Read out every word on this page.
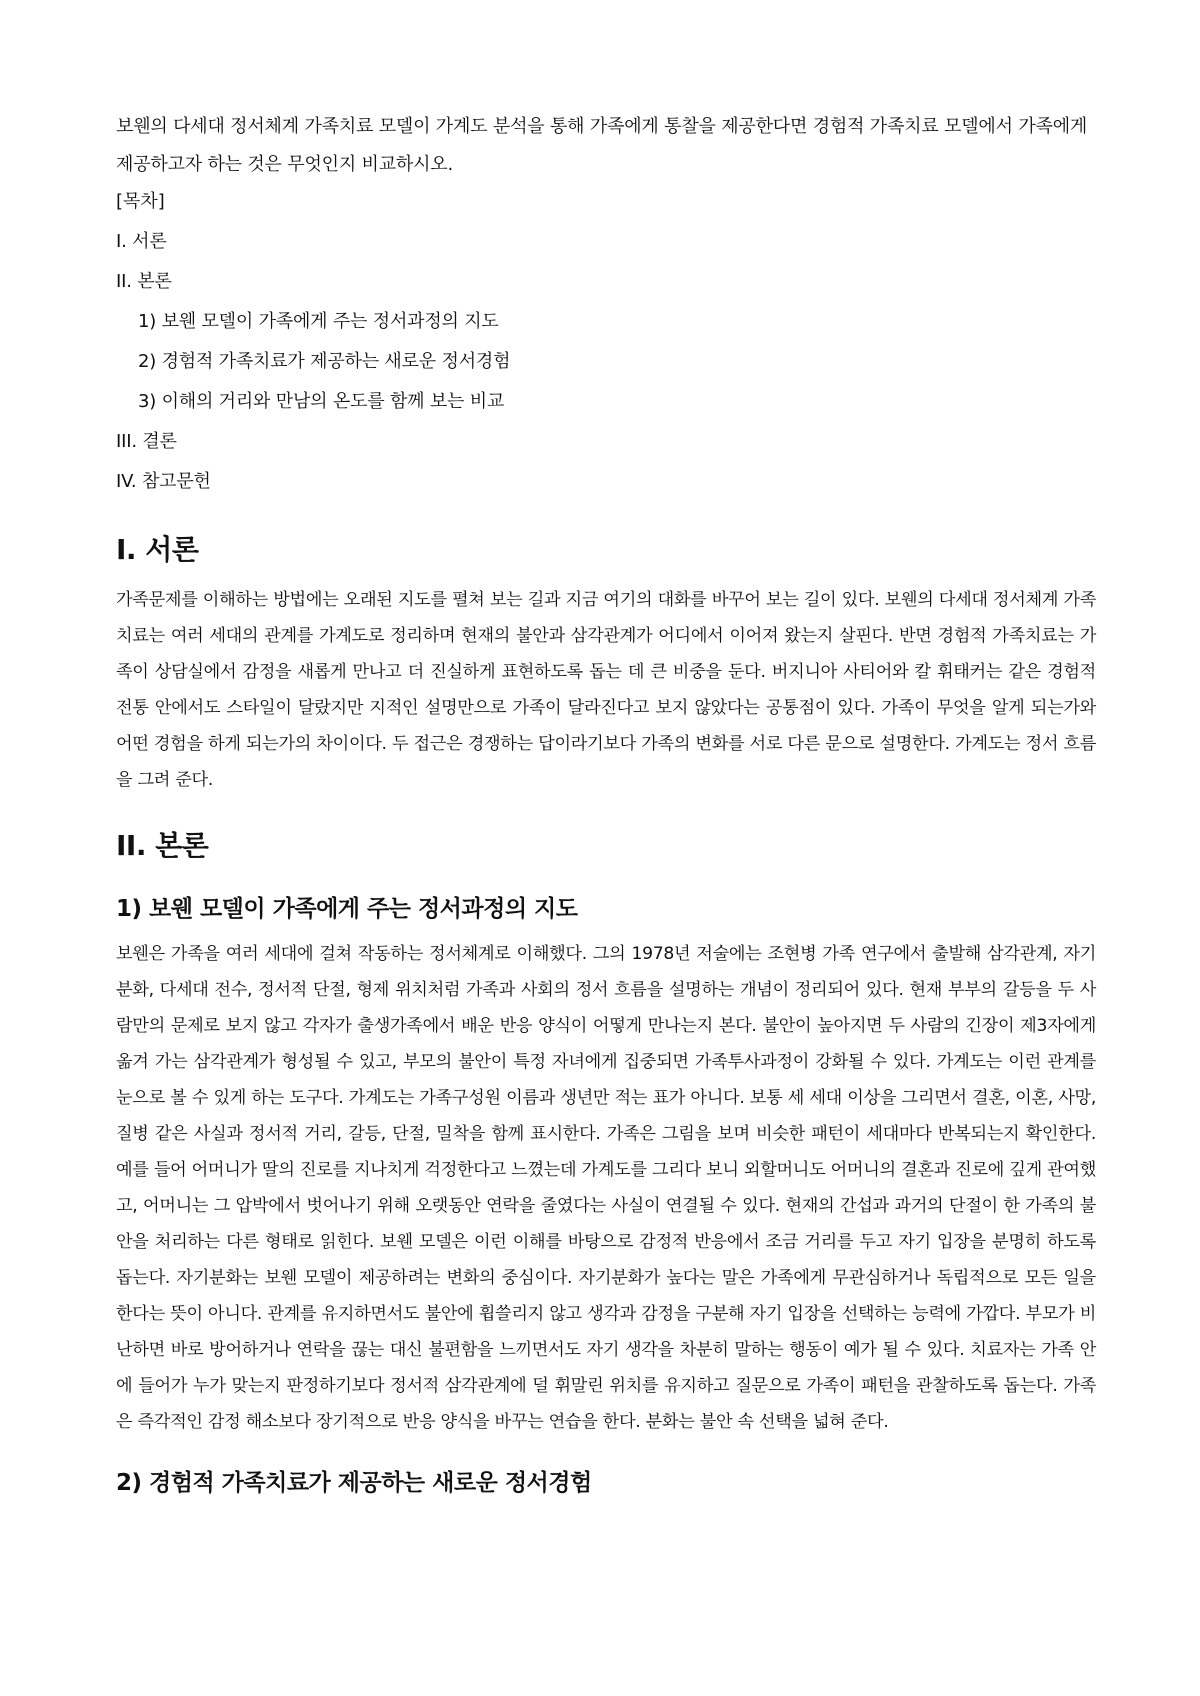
보웬의 다세대 정서체계 가족치료 모델이 가계도 분석을 통해 가족에게 통찰을 제공한다면 경험적 가족치료 모델에서 가족에게 제공하고자 하는 것은 무엇인지 비교하시오.

[목차]
I. 서론
II. 본론
1) 보웬 모델이 가족에게 주는 정서과정의 지도
2) 경험적 가족치료가 제공하는 새로운 정서경험
3) 이해의 거리와 만남의 온도를 함께 보는 비교
III. 결론
IV. 참고문헌
I. 서론

가족문제를 이해하는 방법에는 오래된 지도를 펼쳐 보는 길과 지금 여기의 대화를 바꾸어 보는 길이 있다. 보웬의 다세대 정서체계 가족치료는 여러 세대의 관계를 가계도로 정리하며 현재의 불안과 삼각관계가 어디에서 이어져 왔는지 살핀다. 반면 경험적 가족치료는 가족이 상담실에서 감정을 새롭게 만나고 더 진실하게 표현하도록 돕는 데 큰 비중을 둔다. 버지니아 사티어와 칼 휘태커는 같은 경험적 전통 안에서도 스타일이 달랐지만 지적인 설명만으로 가족이 달라진다고 보지 않았다는 공통점이 있다. 가족이 무엇을 알게 되는가와 어떤 경험을 하게 되는가의 차이이다. 두 접근은 경쟁하는 답이라기보다 가족의 변화를 서로 다른 문으로 설명한다. 가계도는 정서 흐름을 그려 준다.

II. 본론
1) 보웬 모델이 가족에게 주는 정서과정의 지도

보웬은 가족을 여러 세대에 걸쳐 작동하는 정서체계로 이해했다. 그의 1978년 저술에는 조현병 가족 연구에서 출발해 삼각관계, 자기분화, 다세대 전수, 정서적 단절, 형제 위치처럼 가족과 사회의 정서 흐름을 설명하는 개념이 정리되어 있다. 현재 부부의 갈등을 두 사람만의 문제로 보지 않고 각자가 출생가족에서 배운 반응 양식이 어떻게 만나는지 본다. 불안이 높아지면 두 사람의 긴장이 제3자에게 옮겨 가는 삼각관계가 형성될 수 있고, 부모의 불안이 특정 자녀에게 집중되면 가족투사과정이 강화될 수 있다. 가계도는 이런 관계를 눈으로 볼 수 있게 하는 도구다. 가계도는 가족구성원 이름과 생년만 적는 표가 아니다. 보통 세 세대 이상을 그리면서 결혼, 이혼, 사망, 질병 같은 사실과 정서적 거리, 갈등, 단절, 밀착을 함께 표시한다. 가족은 그림을 보며 비슷한 패턴이 세대마다 반복되는지 확인한다. 예를 들어 어머니가 딸의 진로를 지나치게 걱정한다고 느꼈는데 가계도를 그리다 보니 외할머니도 어머니의 결혼과 진로에 깊게 관여했고, 어머니는 그 압박에서 벗어나기 위해 오랫동안 연락을 줄였다는 사실이 연결될 수 있다. 현재의 간섭과 과거의 단절이 한 가족의 불안을 처리하는 다른 형태로 읽힌다. 보웬 모델은 이런 이해를 바탕으로 감정적 반응에서 조금 거리를 두고 자기 입장을 분명히 하도록 돕는다. 자기분화는 보웬 모델이 제공하려는 변화의 중심이다. 자기분화가 높다는 말은 가족에게 무관심하거나 독립적으로 모든 일을 한다는 뜻이 아니다. 관계를 유지하면서도 불안에 휩쓸리지 않고 생각과 감정을 구분해 자기 입장을 선택하는 능력에 가깝다. 부모가 비난하면 바로 방어하거나 연락을 끊는 대신 불편함을 느끼면서도 자기 생각을 차분히 말하는 행동이 예가 될 수 있다. 치료자는 가족 안에 들어가 누가 맞는지 판정하기보다 정서적 삼각관계에 덜 휘말린 위치를 유지하고 질문으로 가족이 패턴을 관찰하도록 돕는다. 가족은 즉각적인 감정 해소보다 장기적으로 반응 양식을 바꾸는 연습을 한다. 분화는 불안 속 선택을 넓혀 준다.

2) 경험적 가족치료가 제공하는 새로운 정서경험
